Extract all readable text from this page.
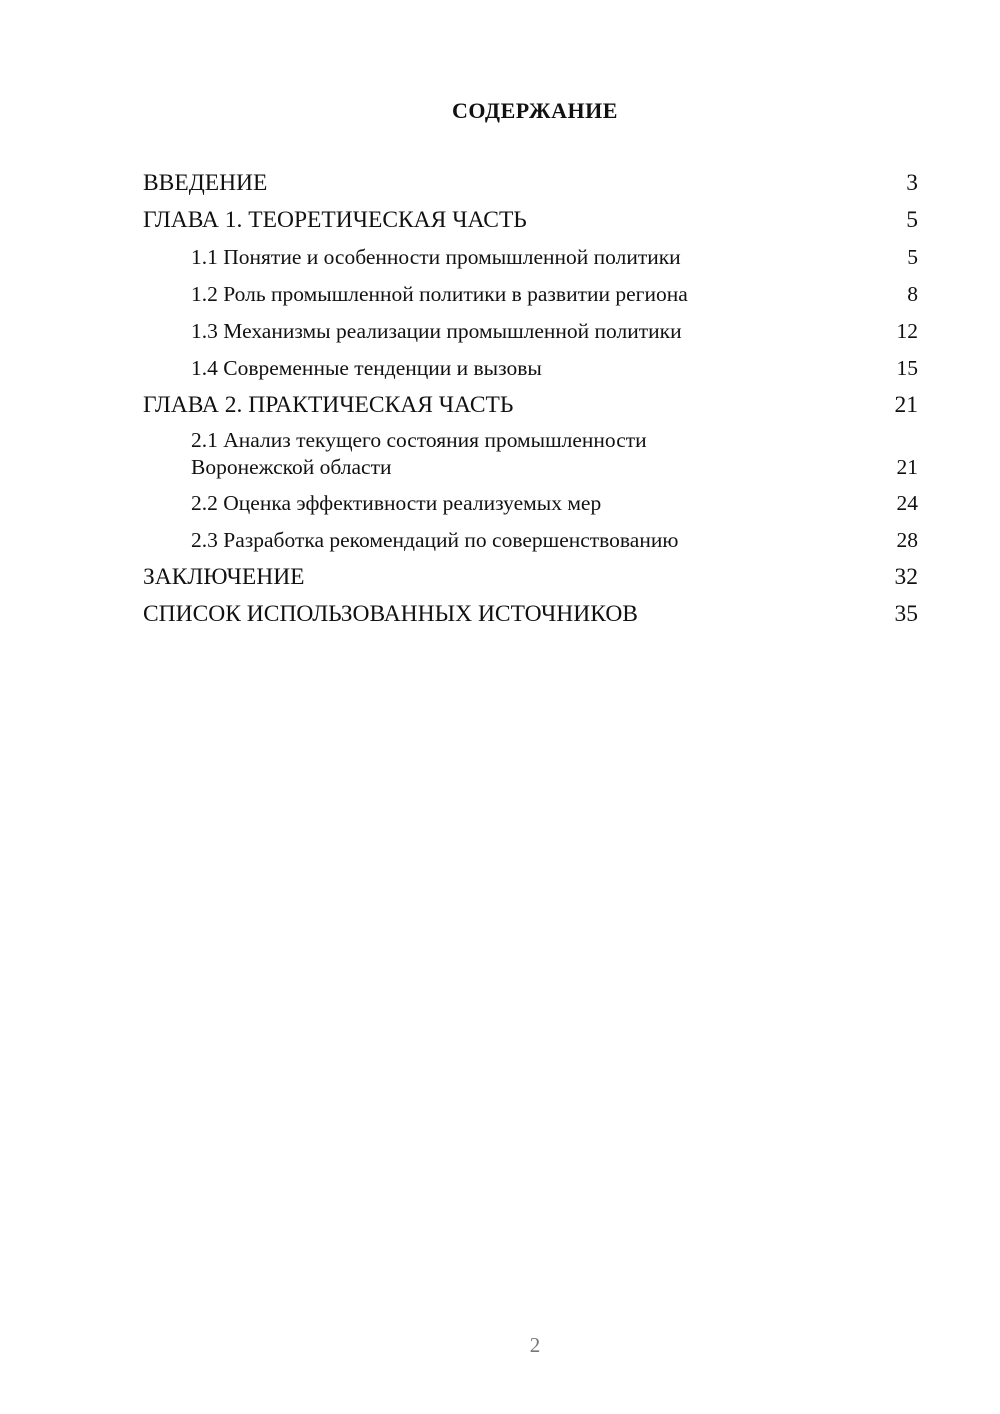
СОДЕРЖАНИЕ
ВВЕДЕНИЕ	3
ГЛАВА 1. ТЕОРЕТИЧЕСКАЯ ЧАСТЬ	5
1.1 Понятие и особенности промышленной политики	5
1.2 Роль промышленной политики в развитии региона	8
1.3 Механизмы реализации промышленной политики	12
1.4 Современные тенденции и вызовы	15
ГЛАВА 2. ПРАКТИЧЕСКАЯ ЧАСТЬ	21
2.1 Анализ текущего состояния промышленности Воронежской области	21
2.2 Оценка эффективности реализуемых мер	24
2.3 Разработка рекомендаций по совершенствованию	28
ЗАКЛЮЧЕНИЕ	32
СПИСОК ИСПОЛЬЗОВАННЫХ ИСТОЧНИКОВ	35
2
